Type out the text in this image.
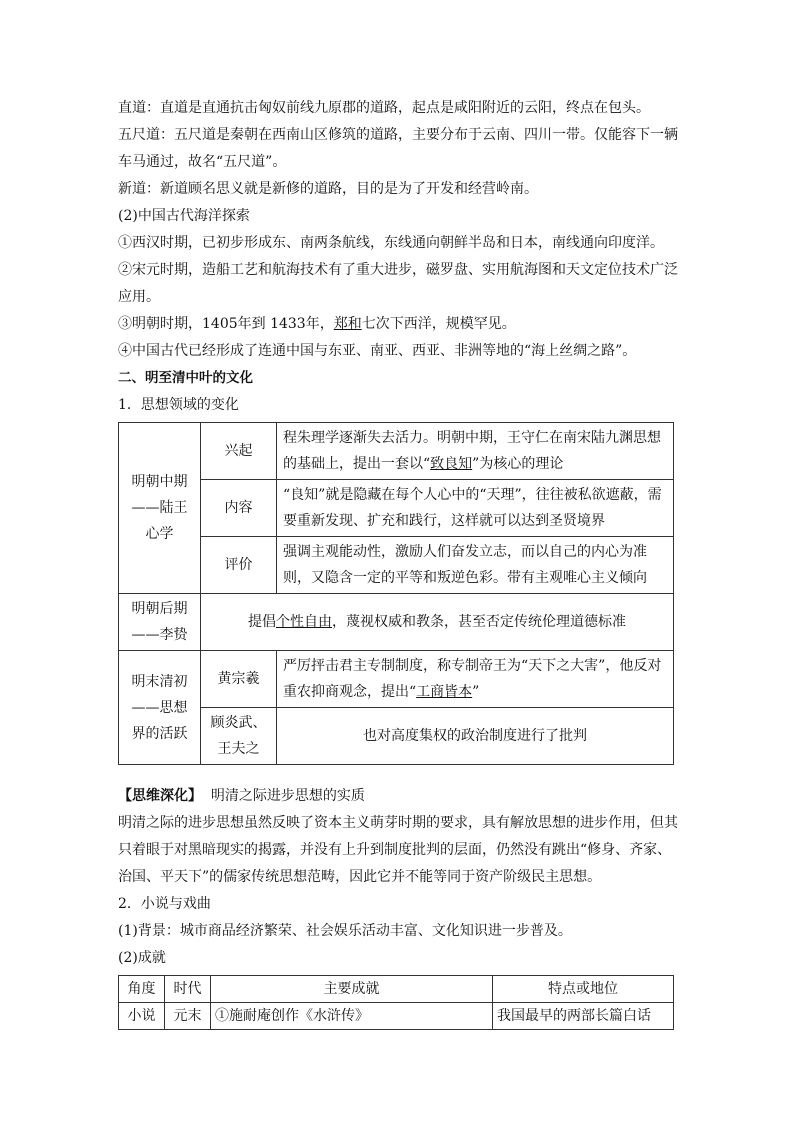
直道：直道是直通抗击匈奴前线九原郡的道路，起点是咸阳附近的云阳，终点在包头。

五尺道：五尺道是秦朝在西南山区修筑的道路，主要分布于云南、四川一带。仅能容下一辆

车马通过，故名“五尺道”。

新道：新道顾名思义就是新修的道路，目的是为了开发和经营岭南。

(2)中国古代海洋探索

①西汉时期，已初步形成东、南两条航线，东线通向朝鲜半岛和日本，南线通向印度洋。

②宋元时期，造船工艺和航海技术有了重大进步，磁罗盘、实用航海图和天文定位技术广泛

应用。

③明朝时期，1405年到 1433年，郑和七次下西洋，规模罕见。

④中国古代已经形成了连通中国与东亚、南亚、西亚、非洲等地的“海上丝绸之路”。

二、明至清中叶的文化

1．思想领域的变化

明朝中期——陆王心学	兴起	程朱理学逐渐失去活力。明朝中期，王守仁在南宋陆九渊思想的基础上，提出一套以“致良知”为核心的理论
	内容	“良知”就是隐藏在每个人心中的“天理”，往往被私欲遮蔽，需要重新发现、扩充和践行，这样就可以达到圣贤境界
	评价	强调主观能动性，激励人们奋发立志，而以自己的内心为准则，又隐含一定的平等和叛逆色彩。带有主观唯心主义倾向
明朝后期——李贽	提倡个性自由，蔑视权威和教条，甚至否定传统伦理道德标准	
明末清初——思想界的活跃	黄宗羲	严厉抨击君主专制制度，称专制帝王为“天下之大害”，他反对重农抑商观念，提出“工商皆本”
	顾炎武、王夫之	也对高度集权的政治制度进行了批判

【思维深化】 明清之际进步思想的实质

明清之际的进步思想虽然反映了资本主义萌芽时期的要求，具有解放思想的进步作用，但其

只着眼于对黑暗现实的揭露，并没有上升到制度批判的层面，仍然没有跳出“修身、齐家、

治国、平天下”的儒家传统思想范畴，因此它并不能等同于资产阶级民主思想。

2．小说与戏曲

(1)背景：城市商品经济繁荣、社会娱乐活动丰富、文化知识进一步普及。

(2)成就

角度	时代	主要成就	特点或地位
小说	元末	①施耐庵创作《水浒传》	我国最早的两部长篇白话
